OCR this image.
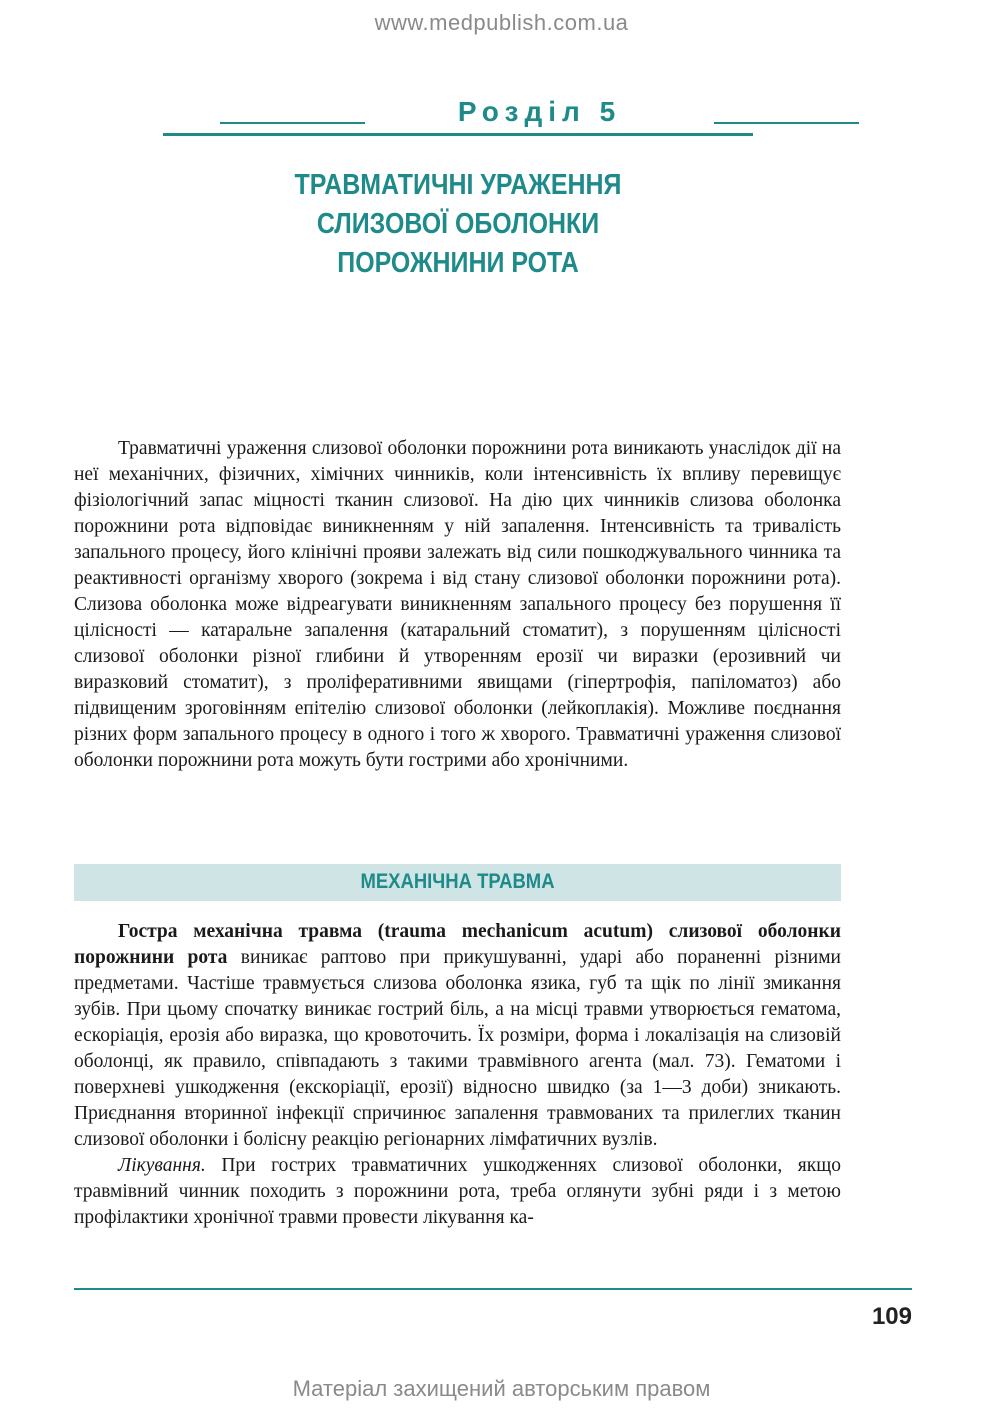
www.medpublish.com.ua
Розділ 5
ТРАВМАТИЧНІ УРАЖЕННЯ
СЛИЗОВОЇ ОБОЛОНКИ
ПОРОЖНИНИ РОТА

Травматичні ураження слизової оболонки порожнини рота виникають унаслідок дії на неї механічних, фізичних, хімічних чинників, коли інтенсивність їх впливу перевищує фізіологічний запас міцності тканин слизової. На дію цих чинників слизова оболонка порожнини рота відповідає виникненням у ній запалення. Інтенсивність та тривалість запального процесу, його клінічні прояви залежать від сили пошкоджувального чинника та реактивності організму хворого (зокрема і від стану слизової оболонки порожнини рота). Слизова оболонка може відреагувати виникненням запального процесу без порушення її цілісності — катаральне запалення (катаральний стоматит), з порушенням цілісності слизової оболонки різної глибини й утворенням ерозії чи виразки (ерозивний чи виразковий стоматит), з проліферативними явищами (гіпертрофія, папіломатоз) або підвищеним зроговінням епітелію слизової оболонки (лейкоплакія). Можливе поєднання різних форм запального процесу в одного і того ж хворого. Травматичні ураження слизової оболонки порожнини рота можуть бути гострими або хронічними.

МЕХАНІЧНА ТРАВМА

Гостра механічна травма (trauma mechanicum acutum) слизової оболонки порожнини рота виникає раптово при прикушуванні, ударі або пораненні різними предметами. Частіше травмується слизова оболонка язика, губ та щік по лінії змикання зубів. При цьому спочатку виникає гострий біль, а на місці травми утворюється гематома, ескоріація, ерозія або виразка, що кровоточить. Їх розміри, форма і локалізація на слизовій оболонці, як правило, співпадають з такими травмівного агента (мал. 73). Гематоми і поверхневі ушкодження (екскоріації, ерозії) відносно швидко (за 1—3 доби) зникають. Приєднання вторинної інфекції спричинює запалення травмованих та прилеглих тканин слизової оболонки і болісну реакцію регіонарних лімфатичних вузлів.

Лікування. При гострих травматичних ушкодженнях слизової оболонки, якщо травмівний чинник походить з порожнини рота, треба оглянути зубні ряди і з метою профілактики хронічної травми провести лікування ка-

109
Матеріал захищений авторським правом
